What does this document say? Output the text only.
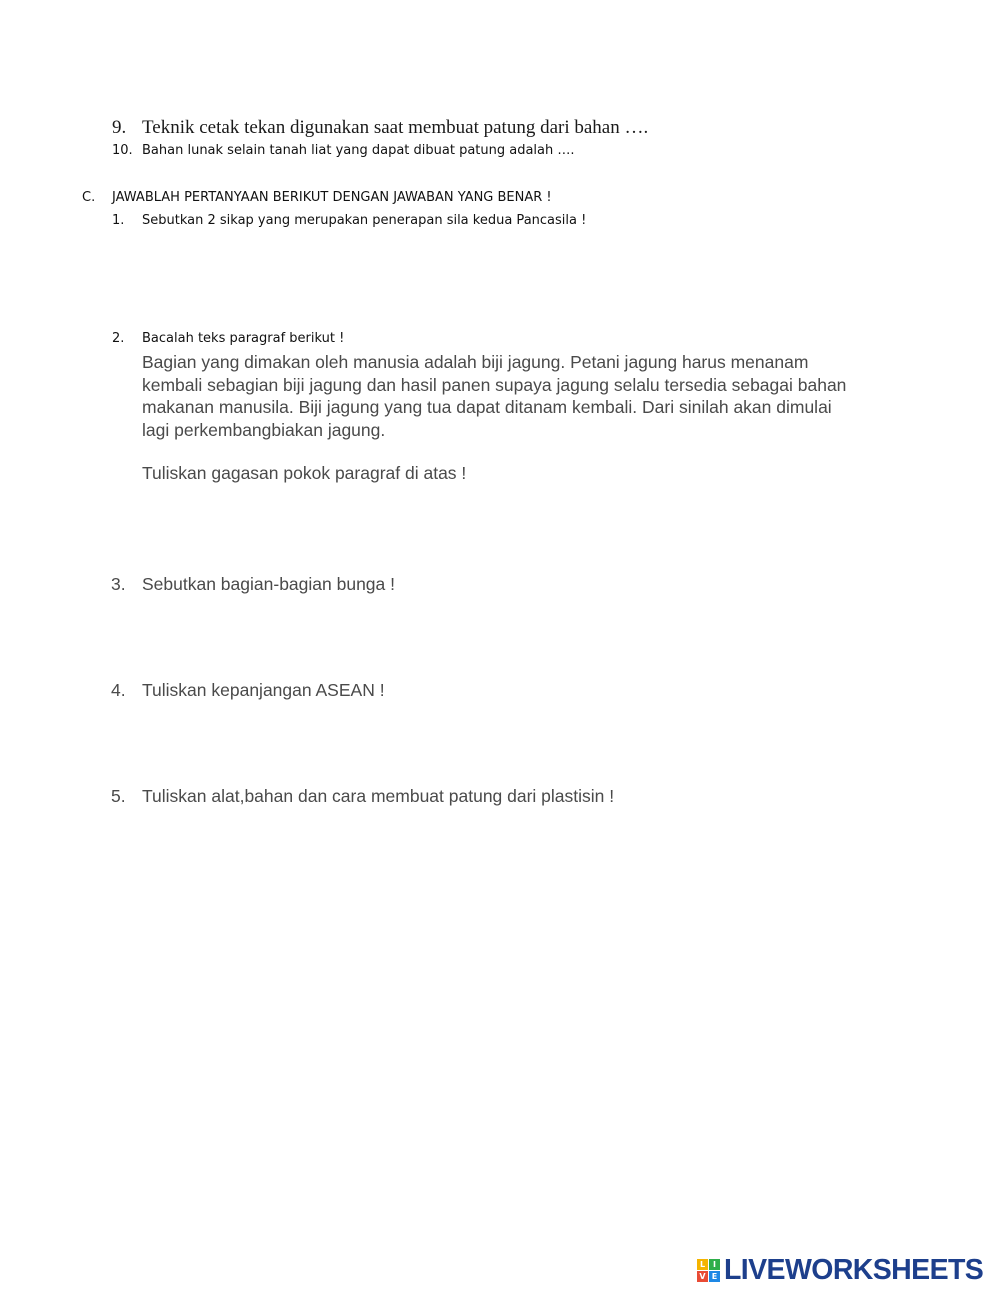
9. Teknik cetak tekan digunakan saat membuat patung dari bahan ….
10. Bahan lunak selain tanah liat yang dapat dibuat patung adalah ….
C. JAWABLAH PERTANYAAN BERIKUT DENGAN JAWABAN YANG BENAR !
1. Sebutkan 2 sikap yang merupakan penerapan sila kedua Pancasila !
2. Bacalah teks paragraf berikut !

Bagian yang dimakan oleh manusia adalah biji jagung. Petani jagung harus menanam

kembali sebagian biji jagung dan hasil panen supaya jagung selalu tersedia sebagai bahan

makanan manusila. Biji jagung yang tua dapat ditanam kembali. Dari sinilah akan dimulai

lagi perkembangbiakan jagung.

Tuliskan gagasan pokok paragraf di atas !
3. Sebutkan bagian-bagian bunga !
4. Tuliskan kepanjangan ASEAN !
5. Tuliskan alat,bahan dan cara membuat patung dari plastisin !
L I
V E LIVEWORKSHEETS
